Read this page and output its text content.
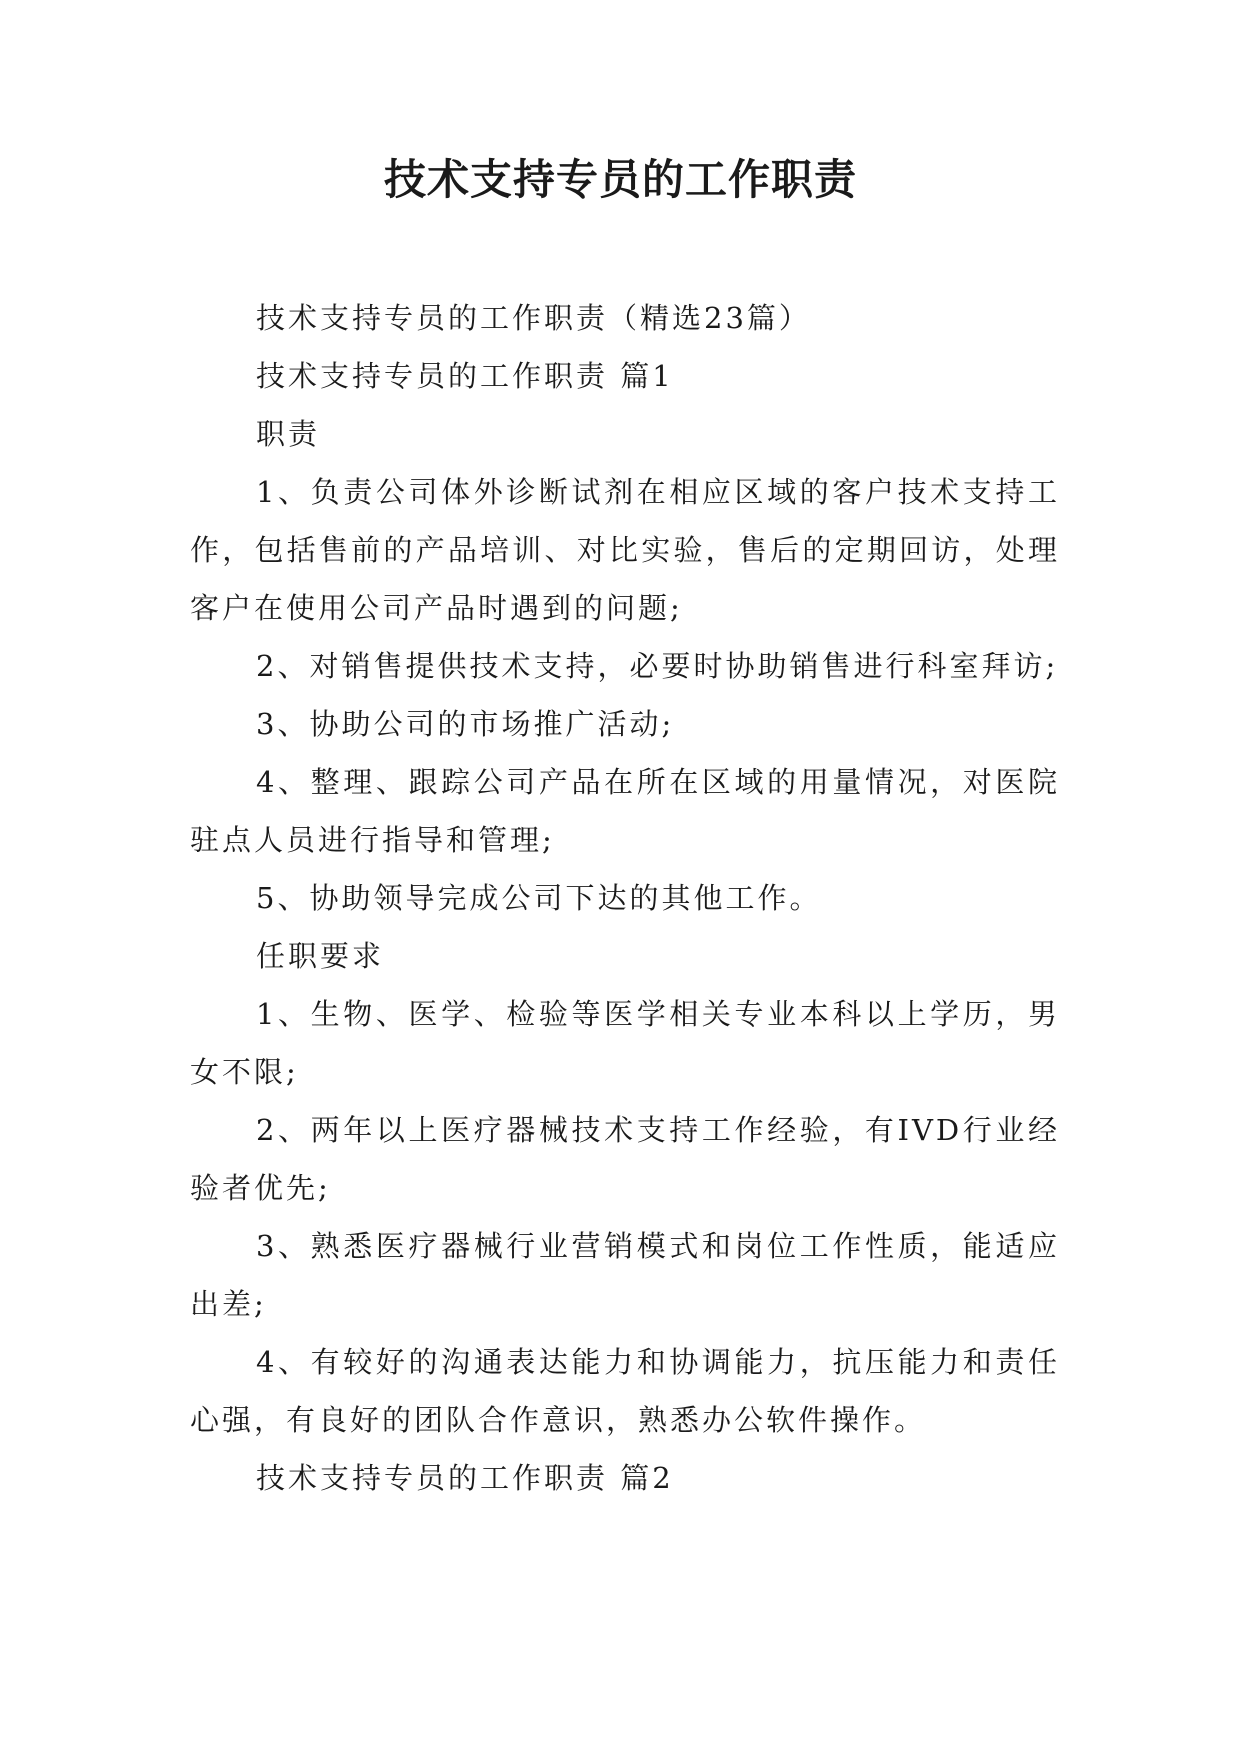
技术支持专员的工作职责

技术支持专员的工作职责（精选23篇）

技术支持专员的工作职责 篇1

职责

1、负责公司体外诊断试剂在相应区域的客户技术支持工作，包括售前的产品培训、对比实验，售后的定期回访，处理客户在使用公司产品时遇到的问题;

2、对销售提供技术支持，必要时协助销售进行科室拜访;

3、协助公司的市场推广活动;

4、整理、跟踪公司产品在所在区域的用量情况，对医院驻点人员进行指导和管理;

5、协助领导完成公司下达的其他工作。

任职要求

1、生物、医学、检验等医学相关专业本科以上学历，男女不限;

2、两年以上医疗器械技术支持工作经验，有IVD行业经验者优先;

3、熟悉医疗器械行业营销模式和岗位工作性质，能适应出差;

4、有较好的沟通表达能力和协调能力，抗压能力和责任心强，有良好的团队合作意识，熟悉办公软件操作。

技术支持专员的工作职责 篇2
